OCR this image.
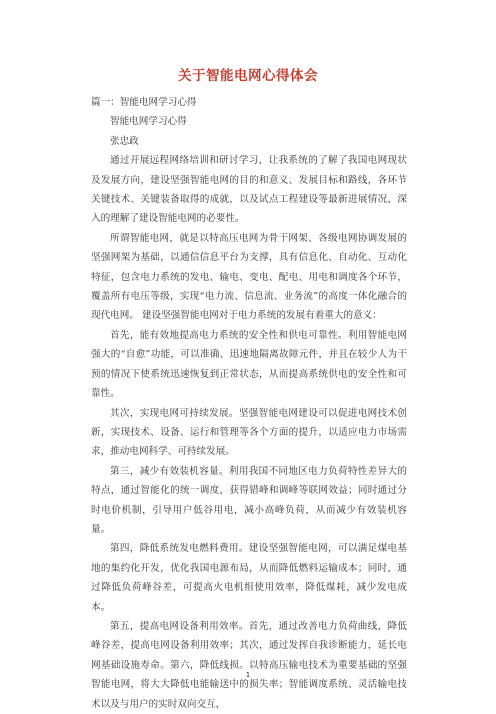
关于智能电网心得体会
篇一：智能电网学习心得
智能电网学习心得
张忠政

通过开展远程网络培训和研讨学习，让我系统的了解了我国电网现状及发展方向，建设坚强智能电网的目的和意义、发展目标和路线，各环节关键技术、关键装备取得的成就，以及试点工程建设等最新进展情况，深入的理解了建设智能电网的必要性。

所谓智能电网，就是以特高压电网为骨干网架、各级电网协调发展的坚强网架为基础，以通信信息平台为支撑，具有信息化、自动化、互动化特征，包含电力系统的发电、输电、变电、配电、用电和调度各个环节，覆盖所有电压等级，实现“电力流、信息流、业务流”的高度一体化融合的现代电网。 建设坚强智能电网对于电力系统的发展有着重大的意义：

首先，能有效地提高电力系统的安全性和供电可靠性。利用智能电网强大的“自愈”功能，可以准确、迅速地隔离故障元件，并且在较少人为干预的情况下使系统迅速恢复到正常状态，从而提高系统供电的安全性和可靠性。

其次，实现电网可持续发展。坚强智能电网建设可以促进电网技术创新，实现技术、设备、运行和管理等各个方面的提升，以适应电力市场需求，推动电网科学、可持续发展。

第三，减少有效装机容量。利用我国不同地区电力负荷特性差异大的特点，通过智能化的统一调度，获得错峰和调峰等联网效益；同时通过分时电价机制，引导用户低谷用电，减小高峰负荷，从而减少有效装机容量。

第四，降低系统发电燃料费用。建设坚强智能电网，可以满足煤电基地的集约化开发，优化我国电源布局，从而降低燃料运输成本；同时，通过降低负荷峰谷差，可提高火电机组使用效率，降低煤耗，减少发电成本。

第五，提高电网设备利用效率。首先，通过改善电力负荷曲线，降低峰谷差，提高电网设备利用效率；其次，通过发挥自我诊断能力，延长电网基础设施寿命。第六，降低线损。以特高压输电技术为重要基础的坚强智能电网，将大大降低电能输送中的损失率；智能调度系统、灵活输电技术以及与用户的实时双向交互，

1
